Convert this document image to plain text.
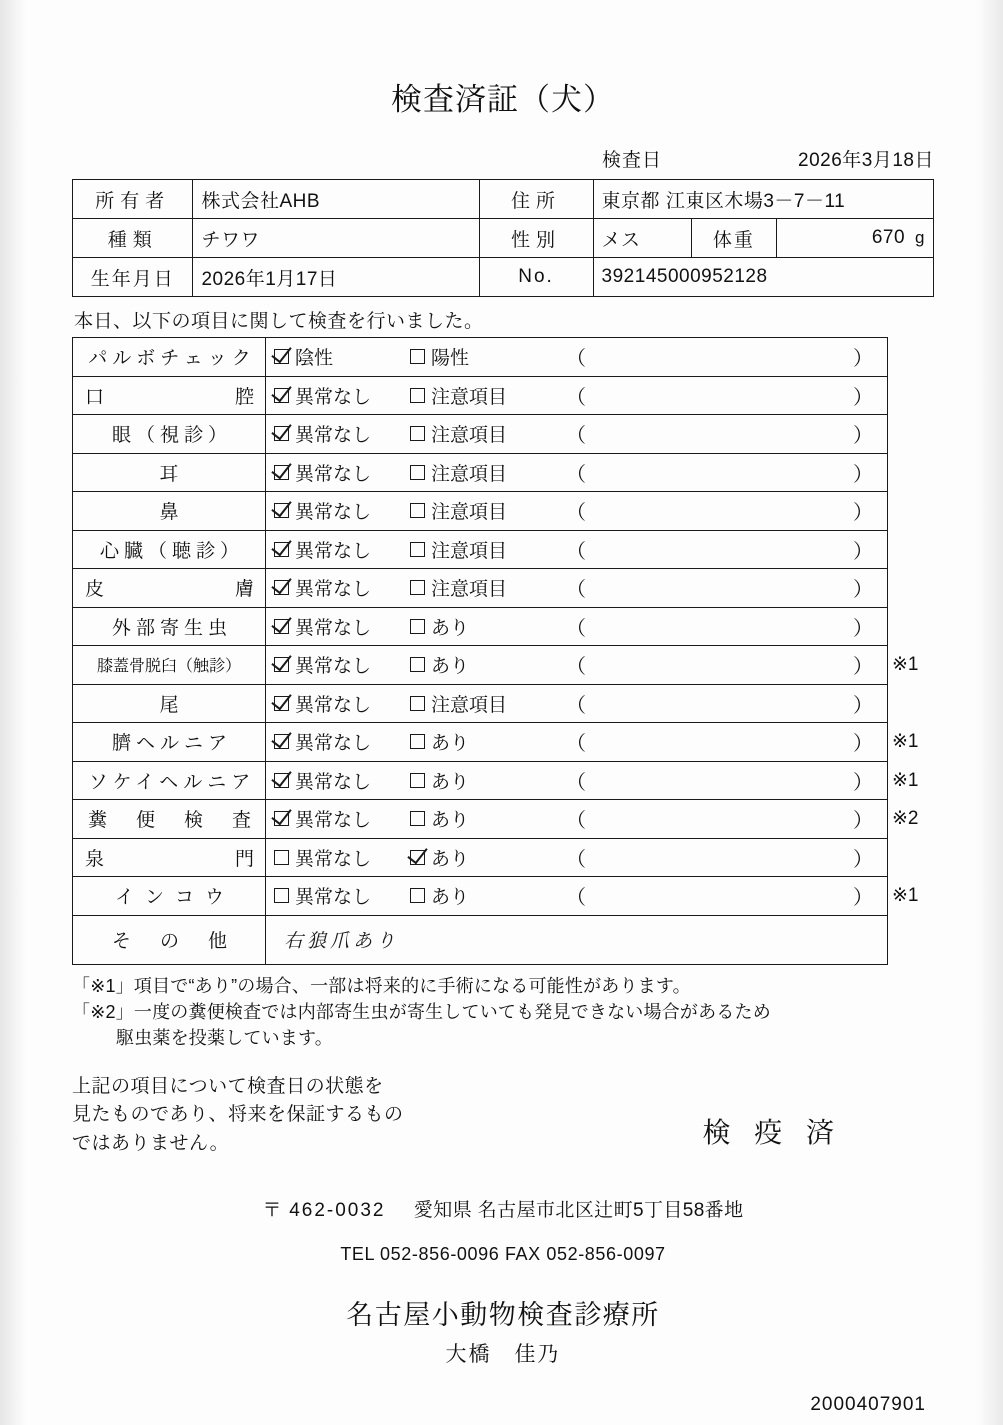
検査済証（犬）
検査日	2026年3月18日
所有者	株式会社AHB	住所	東京都 江東区木場3－7－11		
種類	チワワ	性別	メス	体重	670 g
生年月日	2026年1月17日	No.	392145000952128		
本日、以下の項目に関して検査を行いました。
パルボチェック	陰性 陽性 （ ）	

口　　　　腔	異常なし 注意項目 （ ）	

眼（視診）	異常なし 注意項目 （ ）	

耳	異常なし 注意項目 （ ）	

鼻	異常なし 注意項目 （ ）	

心臓（聴診）	異常なし 注意項目 （ ）	

皮　　　　膚	異常なし 注意項目 （ ）	

外部寄生虫	異常なし あり （ ）	

膝蓋骨脱臼（触診）	異常なし あり （ ）	※1
尾	異常なし 注意項目 （ ）	

臍ヘルニア	異常なし あり （ ）	※1
ソケイヘルニア	異常なし あり （ ）	※1
糞　便　検　査	異常なし あり （ ）	※2
泉　　　　門	異常なし あり （ ）	

インコウ	異常なし あり （ ）	※1
そ　の　他	右狼爪あり	
「※1」項目で“あり”の場合、一部は将来的に手術になる可能性があります。
「※2」一度の糞便検査では内部寄生虫が寄生していても発見できない場合があるため
駆虫薬を投薬しています。
上記の項目について検査日の状態を
見たものであり、将来を保証するもの
ではありません。	検 疫 済
〒 462-0032 愛知県 名古屋市北区辻町5丁目58番地
TEL 052-856-0096 FAX 052-856-0097
名古屋小動物検査診療所
大橋　佳乃
2000407901
